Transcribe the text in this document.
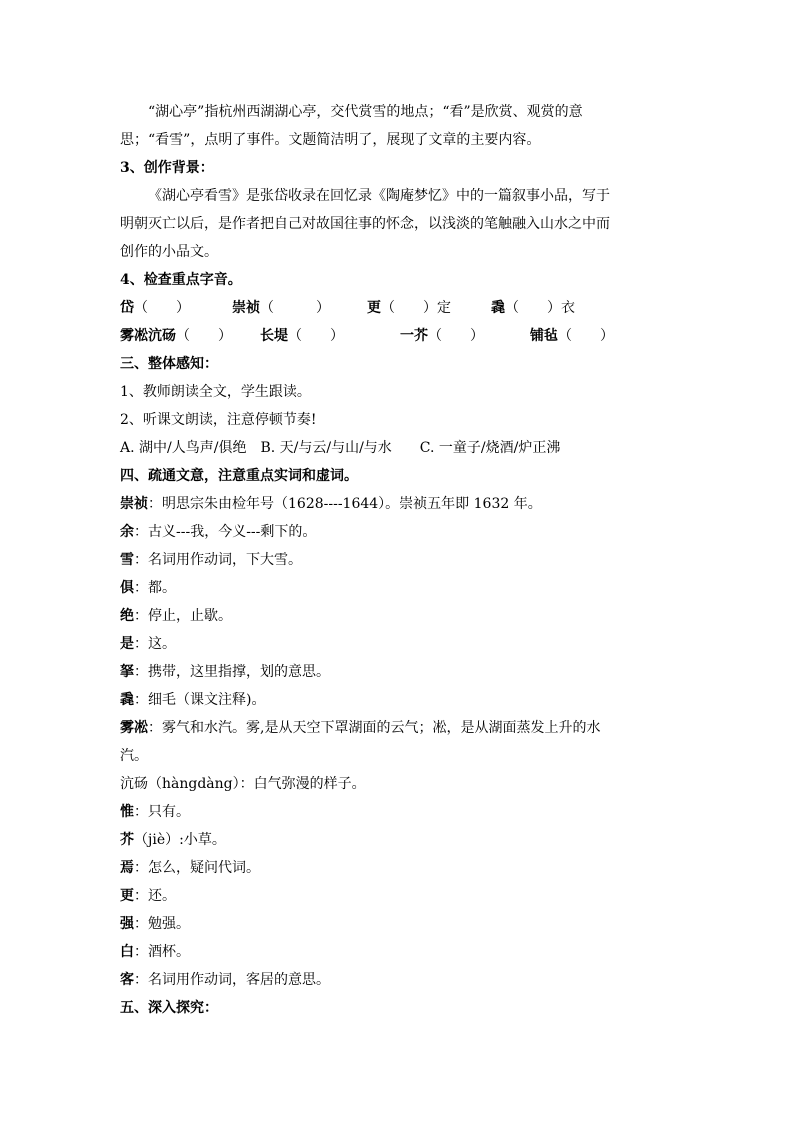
“湖心亭”指杭州西湖湖心亭，交代赏雪的地点；“看”是欣赏、观赏的意
思；“看雪”，点明了事件。文题简洁明了，展现了文章的主要内容。
3、创作背景：
《湖心亭看雪》是张岱收录在回忆录《陶庵梦忆》中的一篇叙事小品，写于
明朝灭亡以后，是作者把自己对故国往事的怀念，以浅淡的笔触融入山水之中而
创作的小品文。
4、检查重点字音。
岱（　　）	崇祯（　　　）	更（　　）定	毳（　　）衣
雾凇沆砀（　　）	长堤（　　）	一芥（　　）	铺毡（　　）
三、整体感知：
1、教师朗读全文，学生跟读。
2、听课文朗读，注意停顿节奏!
A. 湖中/人鸟声/俱绝　B. 天/与云/与山/与水　　C. 一童子/烧酒/炉正沸
四、疏通文意，注意重点实词和虚词。
崇祯：明思宗朱由检年号（1628----1644）。崇祯五年即 1632 年。
余：古义---我，今义---剩下的。
雪：名词用作动词，下大雪。
俱：都。
绝：停止，止歇。
是：这。
拏：携带，这里指撑，划的意思。
毳：细毛（课文注释)。
雾凇：雾气和水汽。雾,是从天空下罩湖面的云气；凇，是从湖面蒸发上升的水
汽。
沆砀（hàngdàng）：白气弥漫的样子。
惟：只有。
芥（jiè）:小草。
焉：怎么，疑问代词。
更：还。
强：勉强。
白：酒杯。
客：名词用作动词，客居的意思。
五、深入探究：
